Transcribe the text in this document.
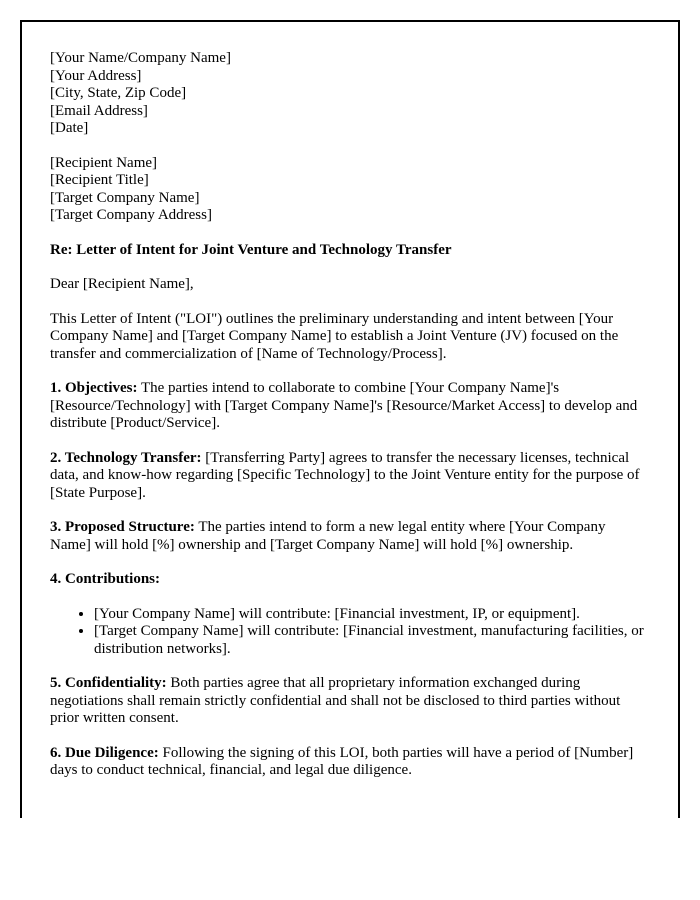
[Your Name/Company Name]
[Your Address]
[City, State, Zip Code]
[Email Address]
[Date]
[Recipient Name]
[Recipient Title]
[Target Company Name]
[Target Company Address]

Re: Letter of Intent for Joint Venture and Technology Transfer

Dear [Recipient Name],

This Letter of Intent ("LOI") outlines the preliminary understanding and intent between [Your Company Name] and [Target Company Name] to establish a Joint Venture (JV) focused on the transfer and commercialization of [Name of Technology/Process].

1. Objectives: The parties intend to collaborate to combine [Your Company Name]'s [Resource/Technology] with [Target Company Name]'s [Resource/Market Access] to develop and distribute [Product/Service].

2. Technology Transfer: [Transferring Party] agrees to transfer the necessary licenses, technical data, and know-how regarding [Specific Technology] to the Joint Venture entity for the purpose of [State Purpose].

3. Proposed Structure: The parties intend to form a new legal entity where [Your Company Name] will hold [%] ownership and [Target Company Name] will hold [%] ownership.

4. Contributions:

• [Your Company Name] will contribute: [Financial investment, IP, or equipment].
• [Target Company Name] will contribute: [Financial investment, manufacturing facilities, or distribution networks].

5. Confidentiality: Both parties agree that all proprietary information exchanged during negotiations shall remain strictly confidential and shall not be disclosed to third parties without prior written consent.

6. Due Diligence: Following the signing of this LOI, both parties will have a period of [Number] days to conduct technical, financial, and legal due diligence.
